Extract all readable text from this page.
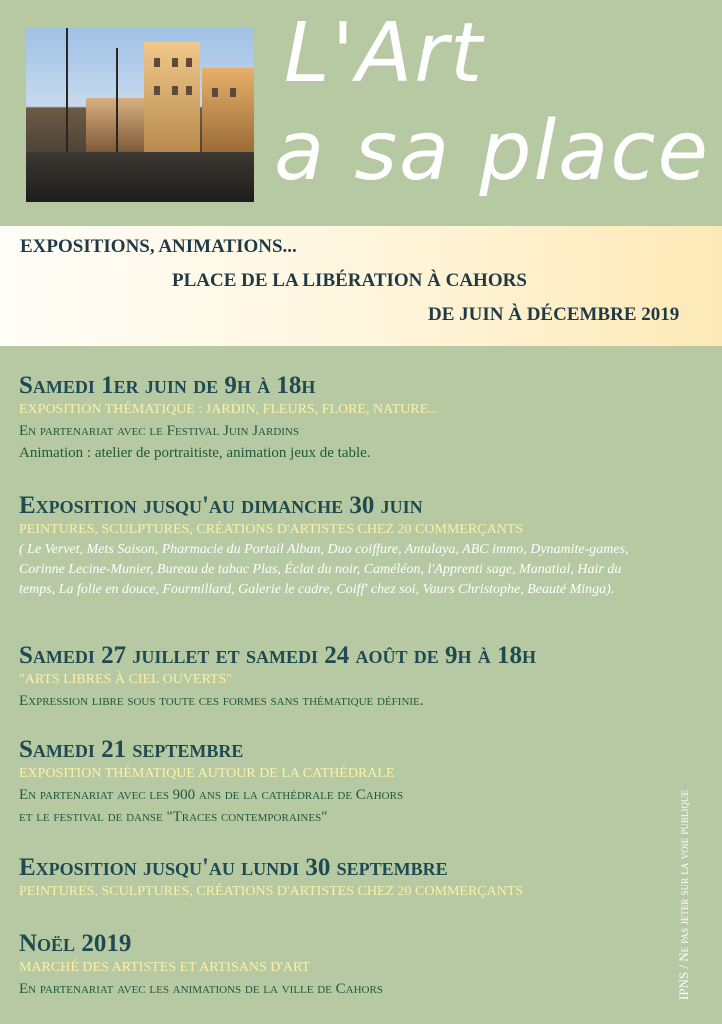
L'Art
a sa place
EXPOSITIONS, ANIMATIONS...
PLACE DE LA LIBÉRATION À CAHORS
DE JUIN À DÉCEMBRE 2019
Samedi 1er juin de 9h à 18h
EXPOSITION THÉMATIQUE : JARDIN, FLEURS, FLORE, NATURE...
En partenariat avec le Festival Juin Jardins
Animation : atelier de portraitiste, animation jeux de table.
Exposition jusqu'au dimanche 30 juin
PEINTURES, SCULPTURES, CRÉATIONS D'ARTISTES CHEZ 20 COMMERÇANTS
( Le Vervet, Mets Saison, Pharmacie du Portail Alban, Duo coiffure, Antalaya, ABC immo, Dynamite-games, Corinne Lecine-Munier, Bureau de tabac Plas, Éclat du noir, Caméléon, l'Apprenti sage, Manatial, Hair du temps, La folie en douce, Fourmillard, Galerie le cadre, Coiff' chez soi, Vaurs Christophe, Beauté Minga).
Samedi 27 juillet et samedi 24 août de 9h à 18h
"ARTS LIBRES À CIEL OUVERTS"
Expression libre sous toute ces formes sans thématique définie.
Samedi 21 septembre
EXPOSITION THÉMATIQUE AUTOUR DE LA CATHÉDRALE
En partenariat avec les 900 ans de la cathédrale de Cahors
et le festival de danse "Traces contemporaines"
Exposition jusqu'au lundi 30 septembre
PEINTURES, SCULPTURES, CRÉATIONS D'ARTISTES CHEZ 20 COMMERÇANTS
Noël 2019
MARCHÉ DES ARTISTES ET ARTISANS D'ART
En partenariat avec les animations de la ville de Cahors	IPNS / Ne pas jeter sur la voie publique
